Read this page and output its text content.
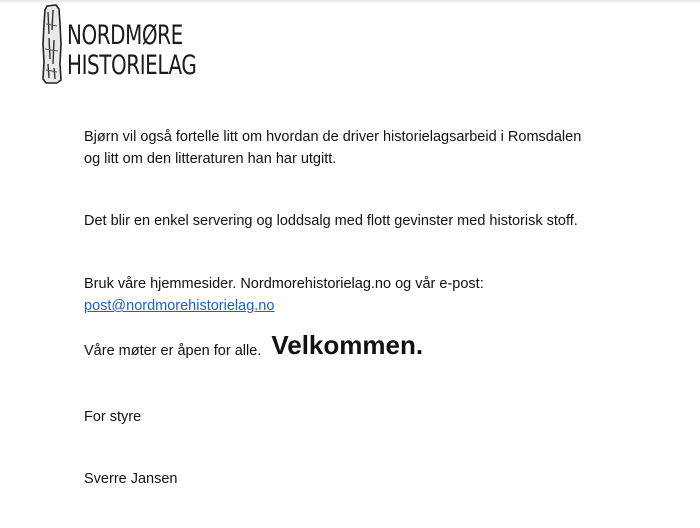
NORDMØRE
HISTORIELAG

Bjørn vil også fortelle litt om hvordan de driver historielagsarbeid i Romsdalen
og litt om den litteraturen han har utgitt.

Det blir en enkel servering og loddsalg med flott gevinster med historisk stoff.

Bruk våre hjemmesider. Nordmorehistorielag.no og vår e-post:
post@nordmorehistorielag.no

Våre møter er åpen for alle. Velkommen.

For styre

Sverre Jansen
